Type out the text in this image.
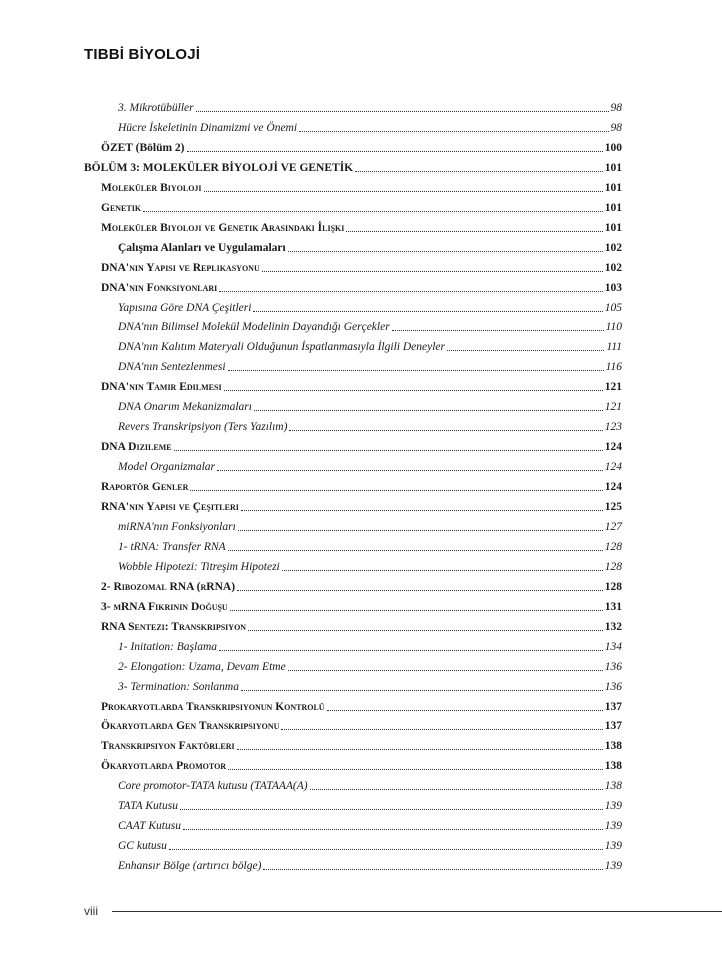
TIBBİ BİYOLOJİ
3. Mikrotübüller	98
Hücre İskeletinin Dinamizmi ve Önemi	98
ÖZET (Bölüm 2)	100
BÖLÜM 3: MOLEKÜLER BİYOLOJİ VE GENETİK	101
Moleküler Biyoloji	101
Genetik	101
Moleküler Biyoloji ve Genetik Arasındaki İlişki	101
Çalışma Alanları ve Uygulamaları	102
DNA'nın Yapısı ve Replikasyonu	102
DNA'nın Fonksiyonları	103
Yapısına Göre DNA Çeşitleri	105
DNA'nın Bilimsel Molekül Modelinin Dayandığı Gerçekler	110
DNA'nın Kalıtım Materyali Olduğunun İspatlanmasıyla İlgili Deneyler	111
DNA'nın Sentezlenmesi	116
DNA'nın Tamir Edilmesi	121
DNA Onarım Mekanizmaları	121
Revers Transkripsiyon (Ters Yazılım)	123
DNA Dizileme	124
Model Organizmalar	124
Raportör Genler	124
RNA'nın Yapısı ve Çeşitleri	125
miRNA'nın Fonksiyonları	127
1- tRNA: Transfer RNA	128
Wobble Hipotezi: Titreşim Hipotezi	128
2- Ribozomal RNA (rRNA)	128
3- mRNA Fikrinin Doğuşu	131
RNA Sentezi: Transkripsiyon	132
1- Initation: Başlama	134
2- Elongation: Uzama, Devam Etme	136
3- Termination: Sonlanma	136
Prokaryotlarda Transkripsiyonun Kontrolü	137
Ökaryotlarda Gen Transkripsiyonu	137
Transkripsiyon Faktörleri	138
Ökaryotlarda Promotor	138
Core promotor-TATA kutusu (TATAAA(A)	138
TATA Kutusu	139
CAAT Kutusu	139
GC kutusu	139
Enhansır Bölge (artırıcı bölge)	139
viii
